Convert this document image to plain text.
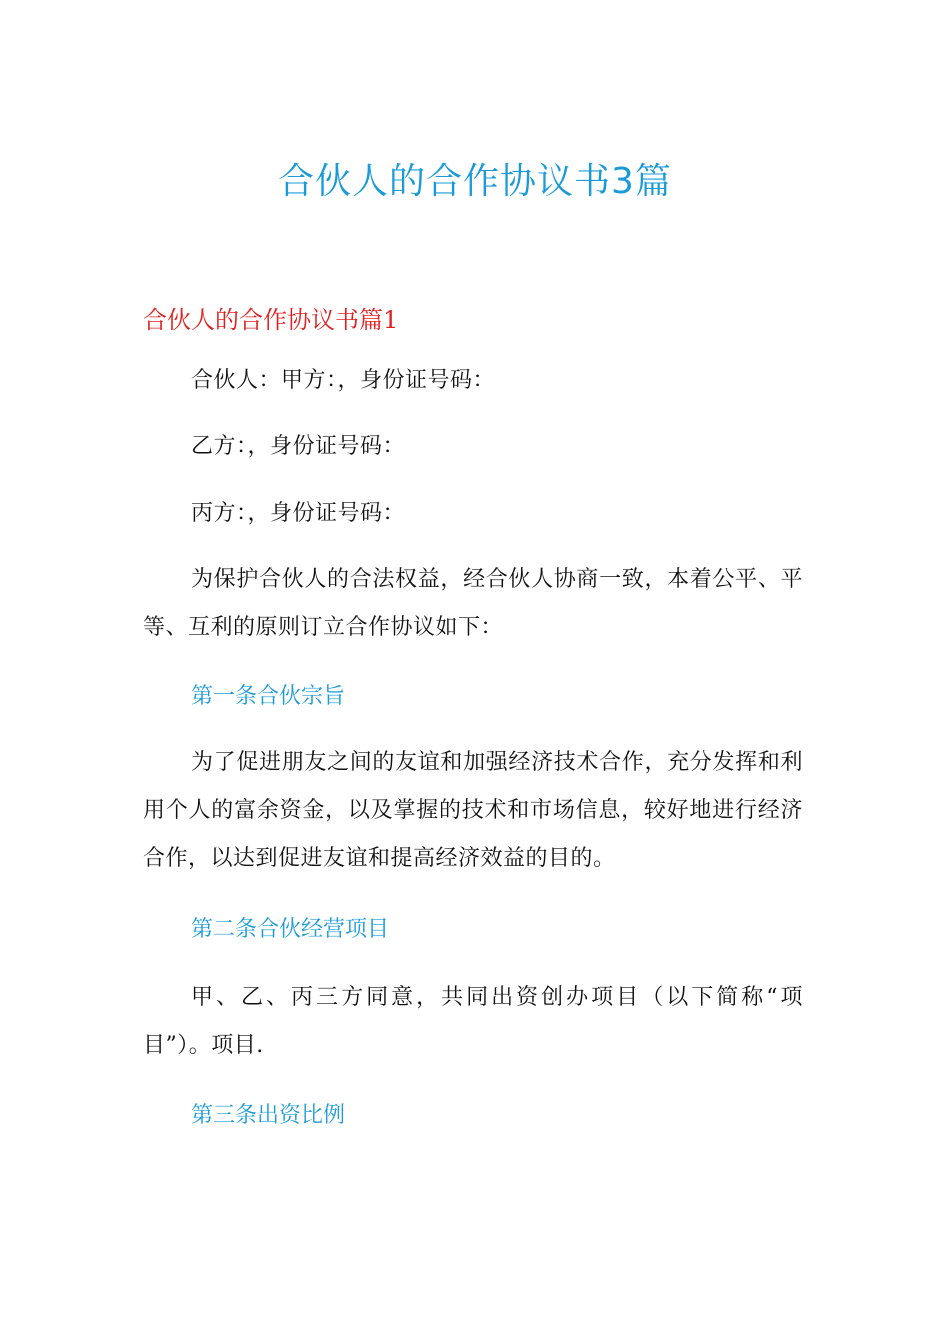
合伙人的合作协议书3篇
合伙人的合作协议书篇1

合伙人：甲方：，身份证号码：

乙方：，身份证号码：

丙方：，身份证号码：

为保护合伙人的合法权益，经合伙人协商一致，本着公平、平等、互利的原则订立合作协议如下：

第一条合伙宗旨

为了促进朋友之间的友谊和加强经济技术合作，充分发挥和利用个人的富余资金，以及掌握的技术和市场信息，较好地进行经济合作，以达到促进友谊和提高经济效益的目的。

第二条合伙经营项目

甲、乙、丙三方同意，共同出资创办项目（以下简称“项目”）。项目.

第三条出资比例
